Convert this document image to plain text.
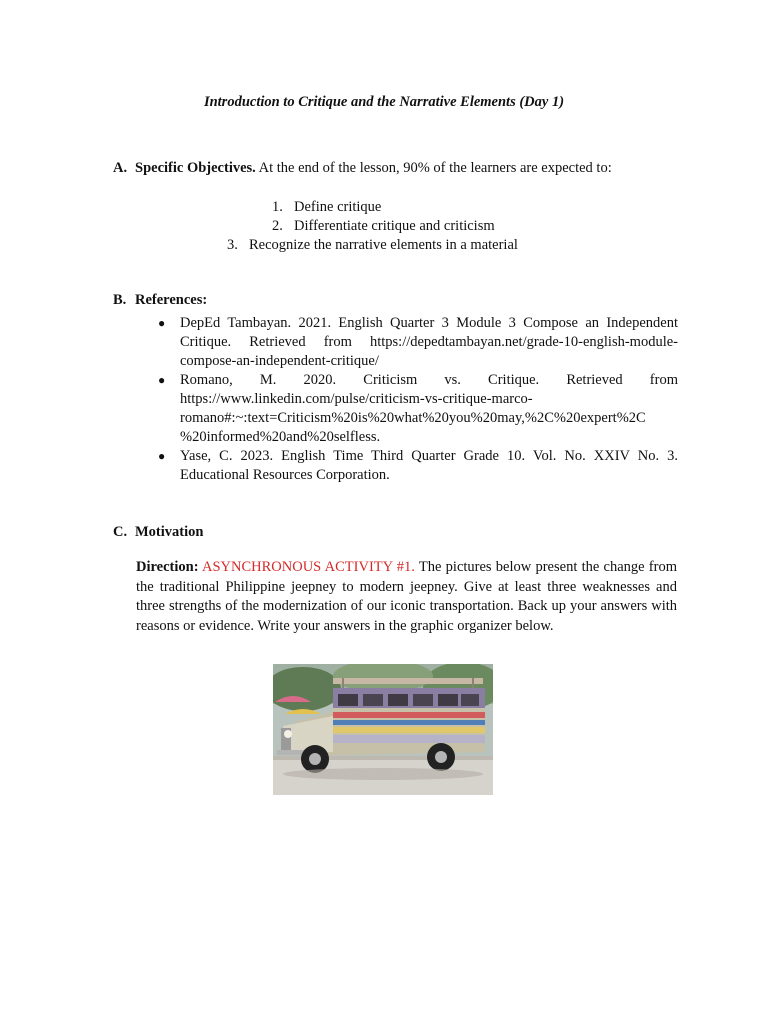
Introduction to Critique and the Narrative Elements (Day 1)
A. Specific Objectives. At the end of the lesson, 90% of the learners are expected to:
1. Define critique
2. Differentiate critique and criticism
3. Recognize the narrative elements in a material
B. References:
● DepEd Tambayan. 2021. English Quarter 3 Module 3 Compose an Independent
Critique. Retrieved from https://depedtambayan.net/grade-10-english-module-
compose-an-independent-critique/
● Romano, M. 2020. Criticism vs. Critique. Retrieved from
https://www.linkedin.com/pulse/criticism-vs-critique-marco-
romano#:~:text=Criticism%20is%20what%20you%20may,%2C%20expert%2C
%20informed%20and%20selfless.
● Yase, C. 2023. English Time Third Quarter Grade 10. Vol. No. XXIV No. 3.
Educational Resources Corporation.
C. Motivation
Direction: ASYNCHRONOUS ACTIVITY #1. The pictures below present the change from the traditional Philippine jeepney to modern jeepney. Give at least three weaknesses and three strengths of the modernization of our iconic transportation. Back up your answers with reasons or evidence. Write your answers in the graphic organizer below.
